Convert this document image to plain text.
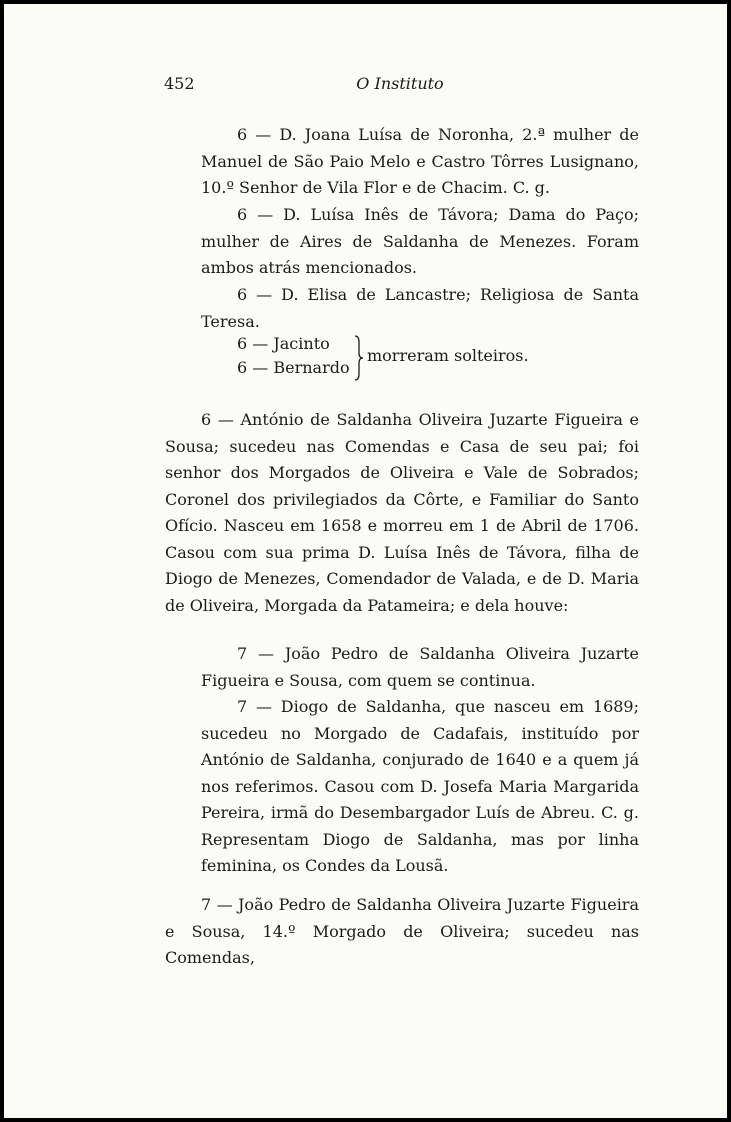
452	O Instituto

6 — D. Joana Luísa de Noronha, 2.ª mulher de Manuel de São Paio Melo e Castro Tôrres Lusignano, 10.º Senhor de Vila Flor e de Chacim. C. g.

6 — D. Luísa Inês de Távora; Dama do Paço; mulher de Aires de Saldanha de Menezes. Foram ambos atrás mencionados.

6 — D. Elisa de Lancastre; Religiosa de Santa Teresa.

6 — Jacinto
6 — Bernardo
morreram solteiros.

6 — António de Saldanha Oliveira Juzarte Figueira e Sousa; sucedeu nas Comendas e Casa de seu pai; foi senhor dos Morgados de Oliveira e Vale de Sobrados; Coronel dos privilegiados da Côrte, e Familiar do Santo Ofício. Nasceu em 1658 e morreu em 1 de Abril de 1706. Casou com sua prima D. Luísa Inês de Távora, filha de Diogo de Menezes, Comendador de Valada, e de D. Maria de Oliveira, Morgada da Patameira; e dela houve:

7 — João Pedro de Saldanha Oliveira Juzarte Figueira e Sousa, com quem se continua.

7 — Diogo de Saldanha, que nasceu em 1689; sucedeu no Morgado de Cadafais, instituído por António de Saldanha, conjurado de 1640 e a quem já nos referimos. Casou com D. Josefa Maria Margarida Pereira, irmã do Desembargador Luís de Abreu. C. g. Representam Diogo de Saldanha, mas por linha feminina, os Condes da Lousã.

7 — João Pedro de Saldanha Oliveira Juzarte Figueira e Sousa, 14.º Morgado de Oliveira; sucedeu nas Comendas,
